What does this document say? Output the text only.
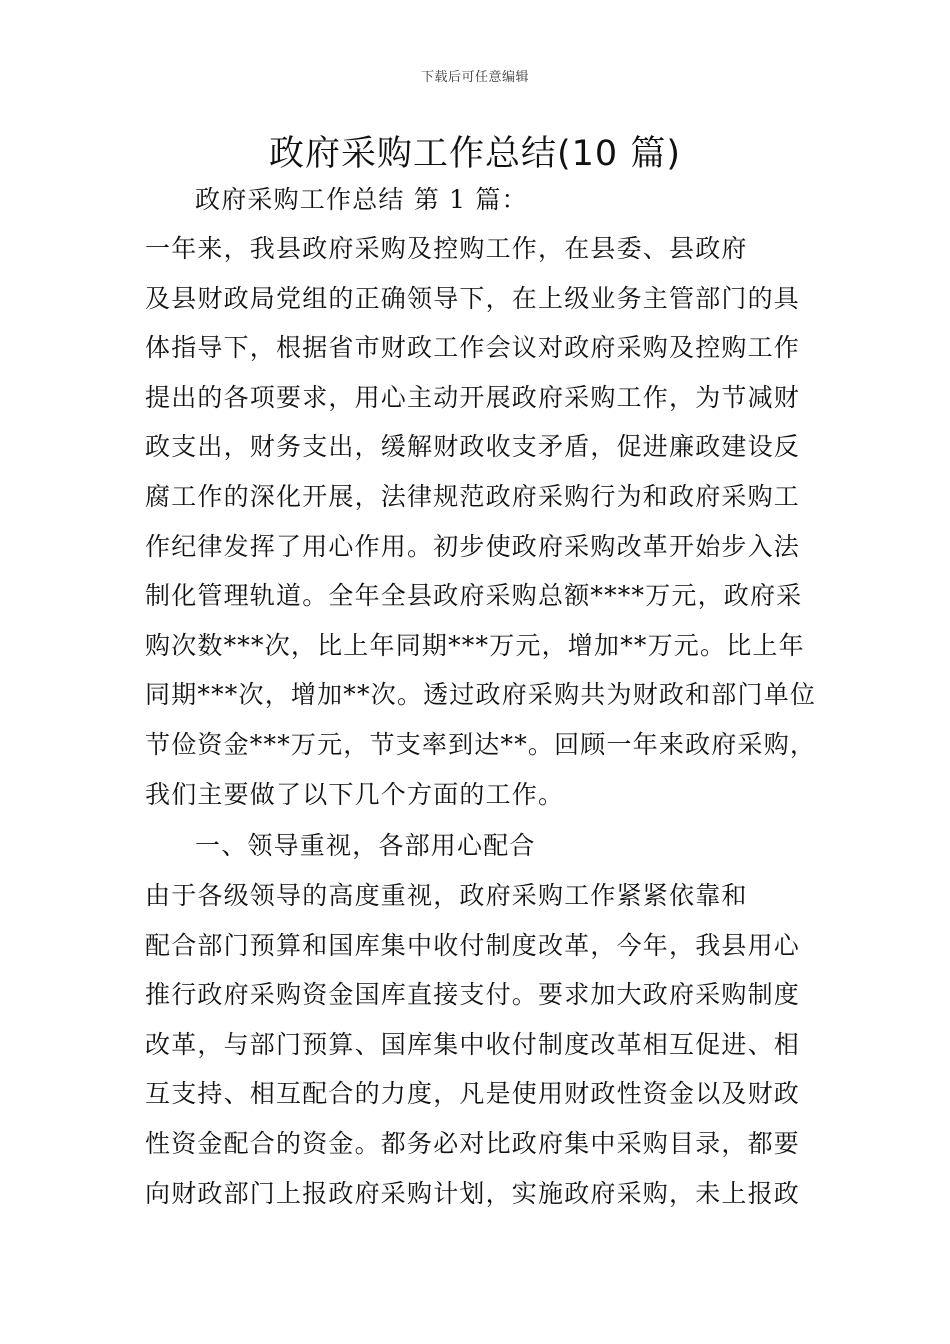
下载后可任意编辑
政府采购工作总结(10 篇)
政府采购工作总结 第 1 篇：
一年来，我县政府采购及控购工作，在县委、县政府
及县财政局党组的正确领导下，在上级业务主管部门的具
体指导下，根据省市财政工作会议对政府采购及控购工作
提出的各项要求，用心主动开展政府采购工作，为节减财
政支出，财务支出，缓解财政收支矛盾，促进廉政建设反
腐工作的深化开展，法律规范政府采购行为和政府采购工
作纪律发挥了用心作用。初步使政府采购改革开始步入法
制化管理轨道。全年全县政府采购总额****万元，政府采
购次数***次，比上年同期***万元，增加**万元。比上年
同期***次，增加**次。透过政府采购共为财政和部门单位
节俭资金***万元，节支率到达**。回顾一年来政府采购，
我们主要做了以下几个方面的工作。
一、领导重视，各部用心配合
由于各级领导的高度重视，政府采购工作紧紧依靠和
配合部门预算和国库集中收付制度改革，今年，我县用心
推行政府采购资金国库直接支付。要求加大政府采购制度
改革，与部门预算、国库集中收付制度改革相互促进、相
互支持、相互配合的力度，凡是使用财政性资金以及财政
性资金配合的资金。都务必对比政府集中采购目录，都要
向财政部门上报政府采购计划，实施政府采购，未上报政
